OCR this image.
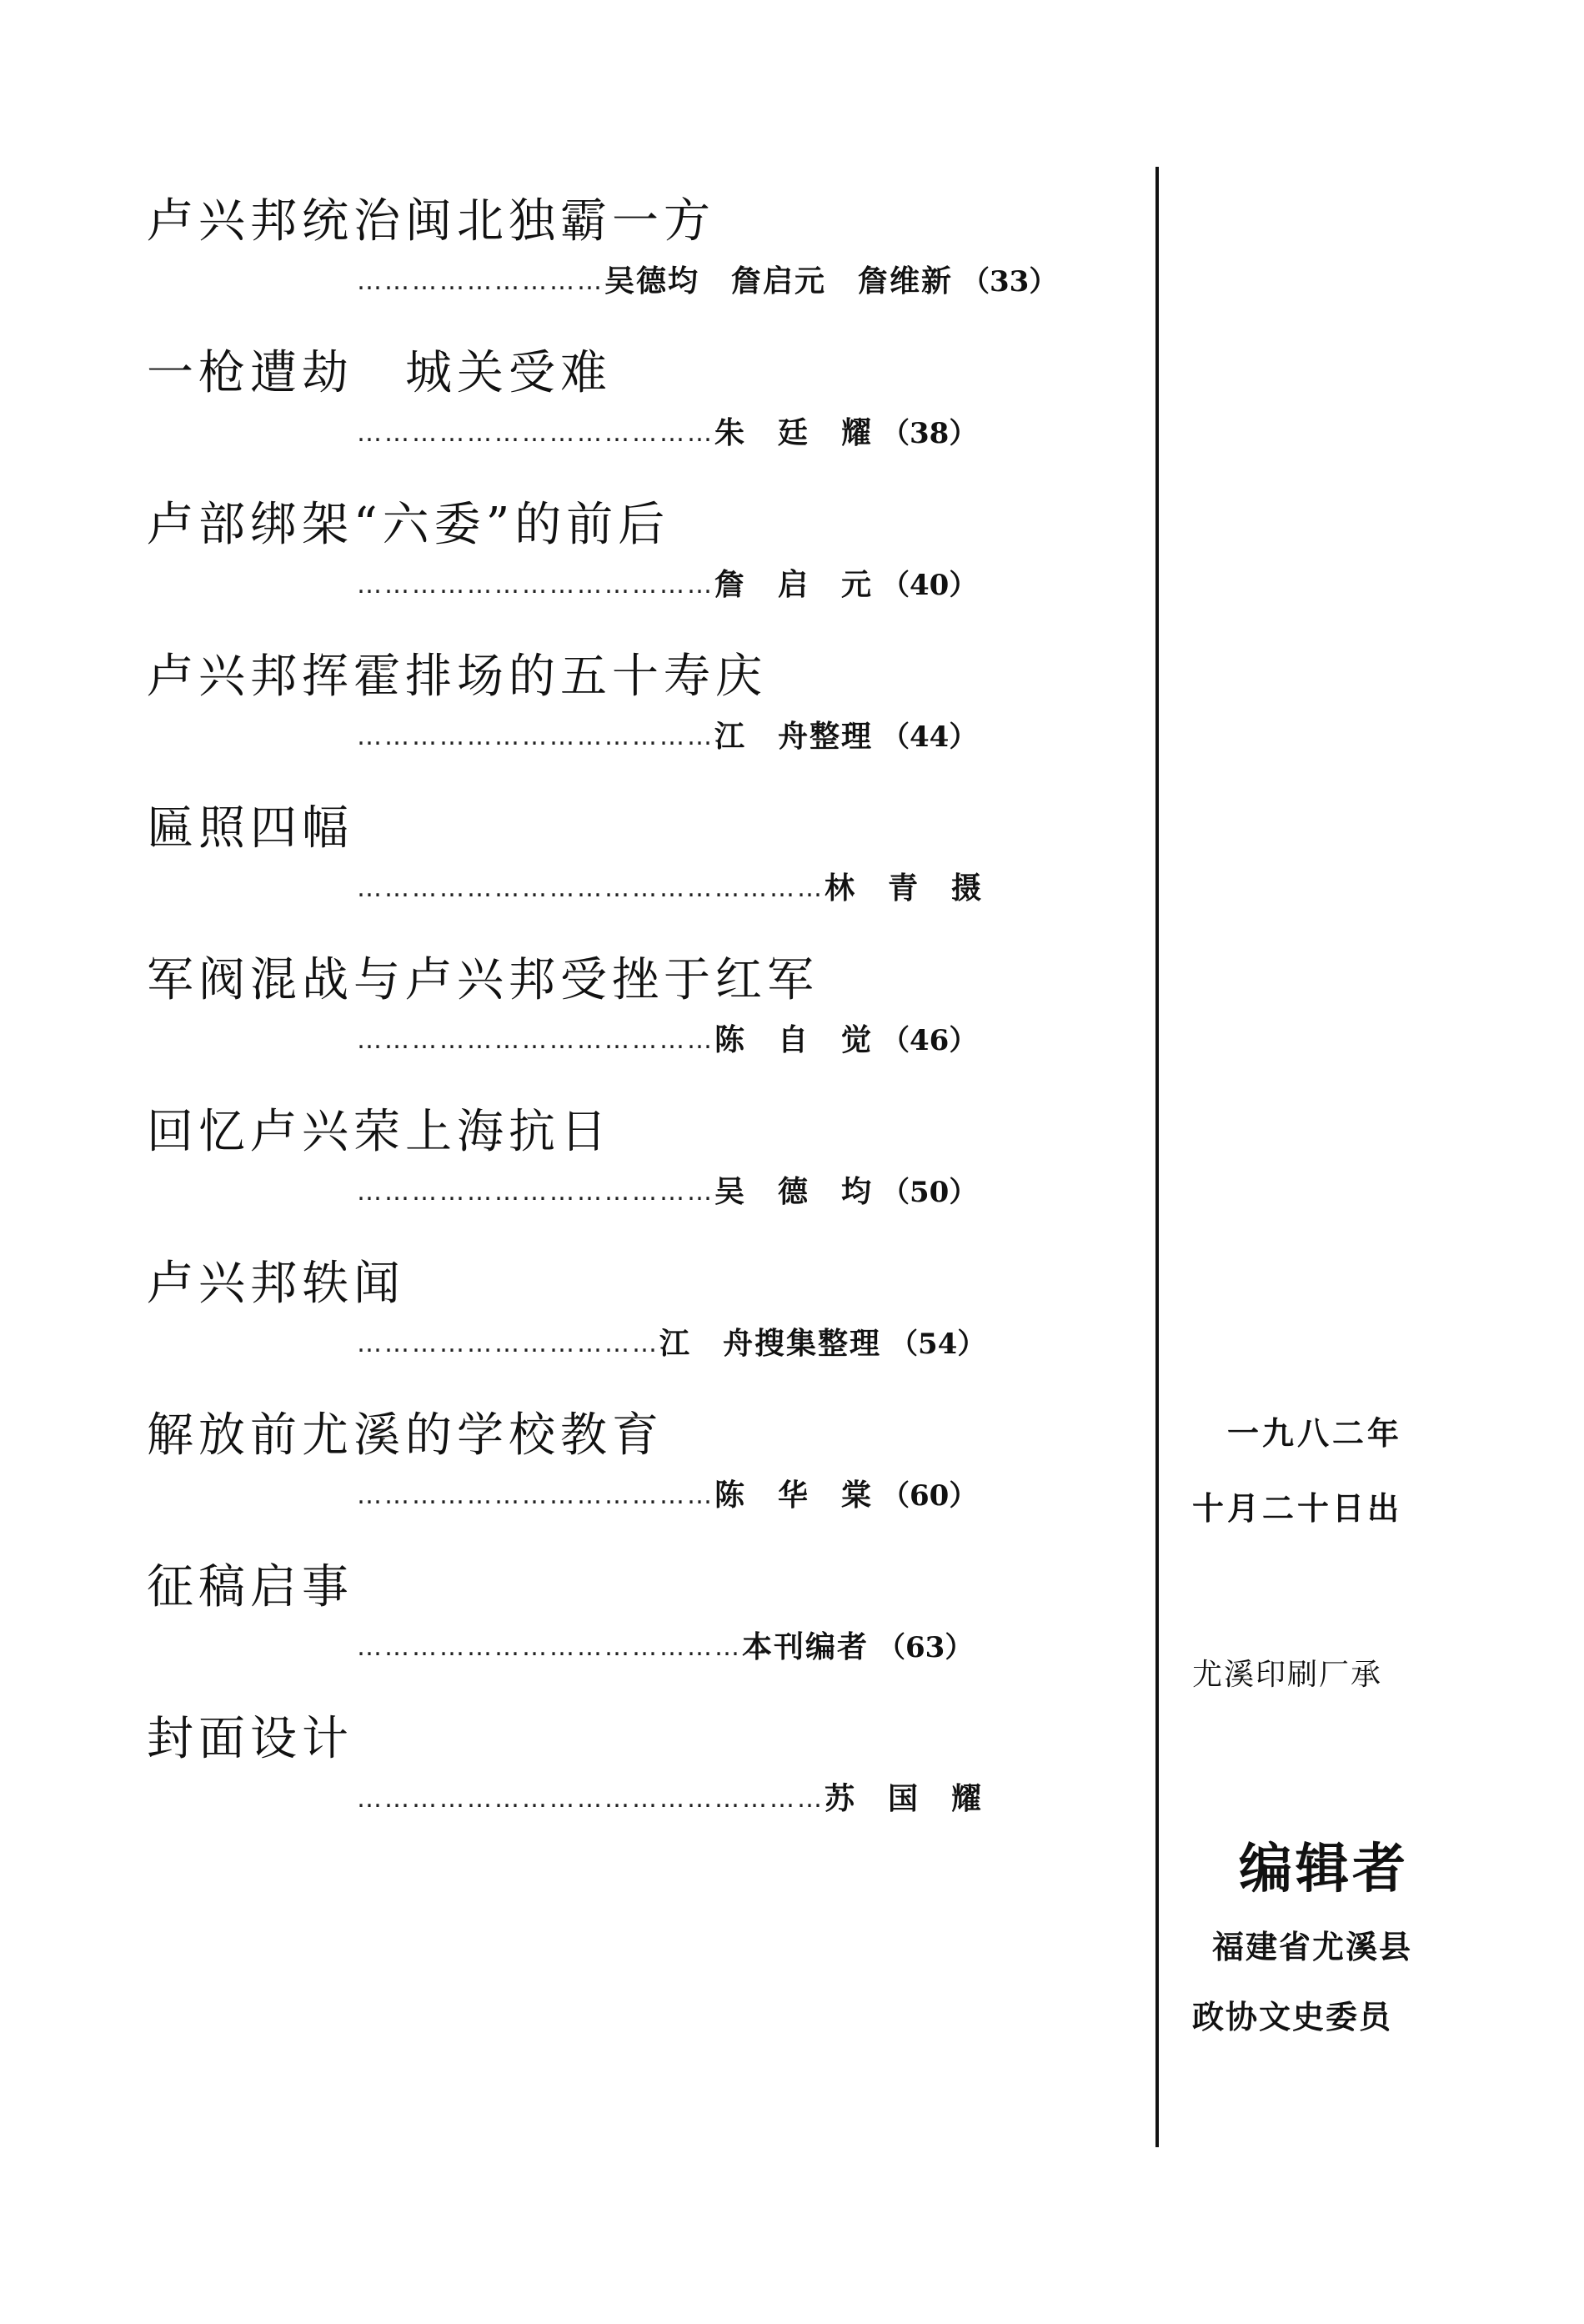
卢兴邦统治闽北独霸一方
……………………… 吴德均　詹启元　詹维新 （33）
一枪遭劫　城关受难
………………………………… 朱　廷　耀 （38）
卢部绑架“六委”的前后
………………………………… 詹　启　元 （40）
卢兴邦挥霍排场的五十寿庆
………………………………… 江　舟整理 （44）
匾照四幅
…………………………………………… 林　青　摄
军阀混战与卢兴邦受挫于红军
………………………………… 陈　自　觉 （46）
回忆卢兴荣上海抗日
………………………………… 吴　德　均 （50）
卢兴邦轶闻
…………………………… 江　舟搜集整理 （54）
解放前尤溪的学校教育
………………………………… 陈　华　棠 （60）
征稿启事
…………………………………… 本刊编者 （63）
封面设计
…………………………………………… 苏　国　耀
一九八二年
十月二十日出
尤溪印刷厂承
编辑者
福建省尤溪县
政协文史委员
